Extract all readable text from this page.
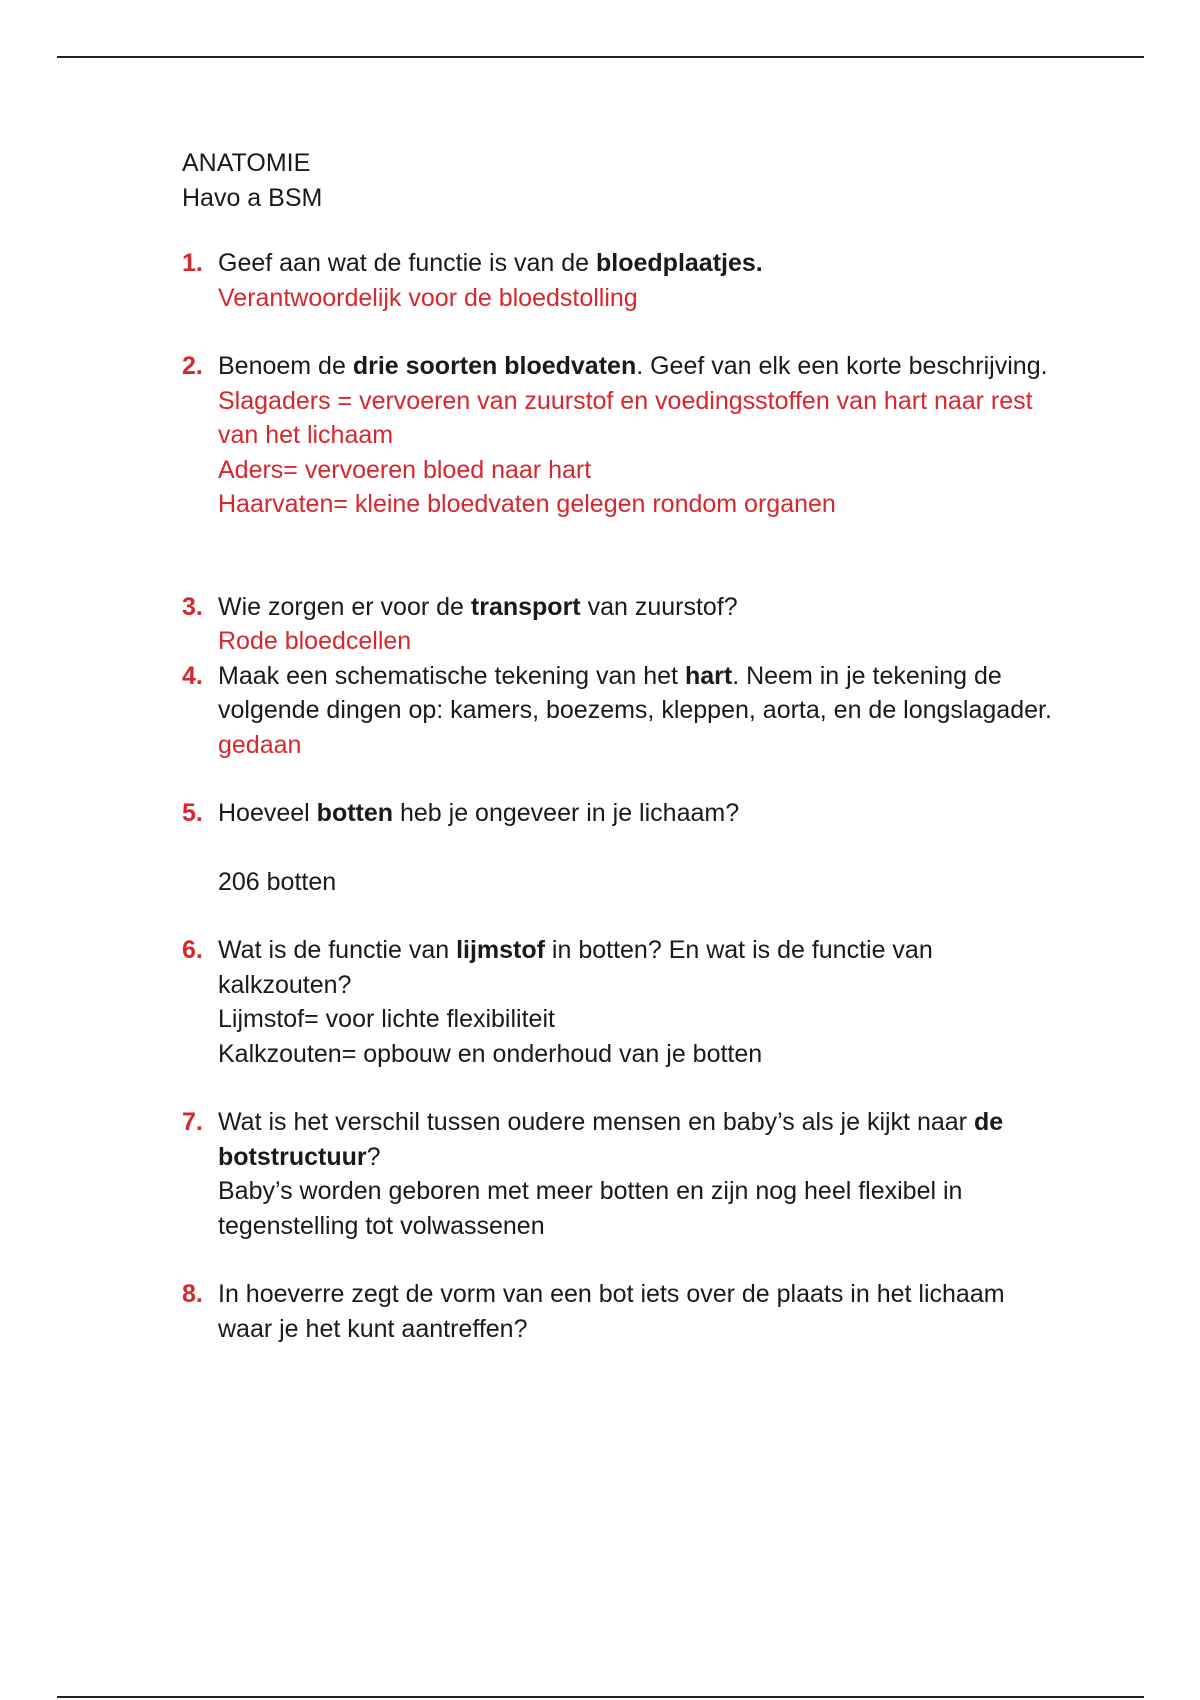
ANATOMIE
Havo a BSM
1. Geef aan wat de functie is van de bloedplaatjes.
Verantwoordelijk voor de bloedstolling
2. Benoem de drie soorten bloedvaten. Geef van elk een korte beschrijving.
Slagaders = vervoeren van zuurstof en voedingsstoffen van hart naar rest van het lichaam
Aders= vervoeren bloed naar hart
Haarvaten= kleine bloedvaten gelegen rondom organen
3. Wie zorgen er voor de transport van zuurstof?
Rode bloedcellen
4. Maak een schematische tekening van het hart. Neem in je tekening de volgende dingen op: kamers, boezems, kleppen, aorta, en de longslagader. gedaan
5. Hoeveel botten heb je ongeveer in je lichaam?
206 botten
6. Wat is de functie van lijmstof in botten? En wat is de functie van kalkzouten?
Lijmstof= voor lichte flexibiliteit
Kalkzouten= opbouw en onderhoud van je botten
7. Wat is het verschil tussen oudere mensen en baby’s als je kijkt naar de botstructuur?
Baby’s worden geboren met meer botten en zijn nog heel flexibel in tegenstelling tot volwassenen
8. In hoeverre zegt de vorm van een bot iets over de plaats in het lichaam waar je het kunt aantreffen?
